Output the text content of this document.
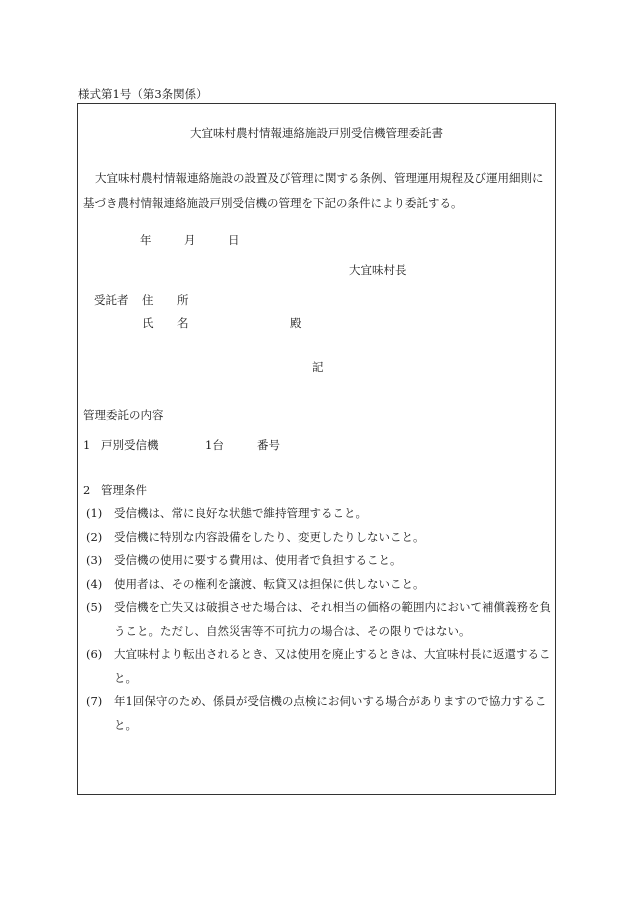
様式第1号（第3条関係）
大宜味村農村情報連絡施設戸別受信機管理委託書
大宜味村農村情報連絡施設の設置及び管理に関する条例、管理運用規程及び運用細則に基づき農村情報連絡施設戸別受信機の管理を下記の条件により委託する。
年	月	日
大宜味村長
受託者 住　所
氏　名	殿
記
管理委託の内容
1 戸別受信機	1台	番号
2 管理条件
(1)	受信機は、常に良好な状態で維持管理すること。
(2)	受信機に特別な内容設備をしたり、変更したりしないこと。
(3)	受信機の使用に要する費用は、使用者で負担すること。
(4)	使用者は、その権利を譲渡、転貸又は担保に供しないこと。
(5)	受信機を亡失又は破損させた場合は、それ相当の価格の範囲内において補償義務を負うこと。ただし、自然災害等不可抗力の場合は、その限りではない。
(6)	大宜味村より転出されるとき、又は使用を廃止するときは、大宜味村長に返還すること。
(7)	年1回保守のため、係員が受信機の点検にお伺いする場合がありますので協力すること。
